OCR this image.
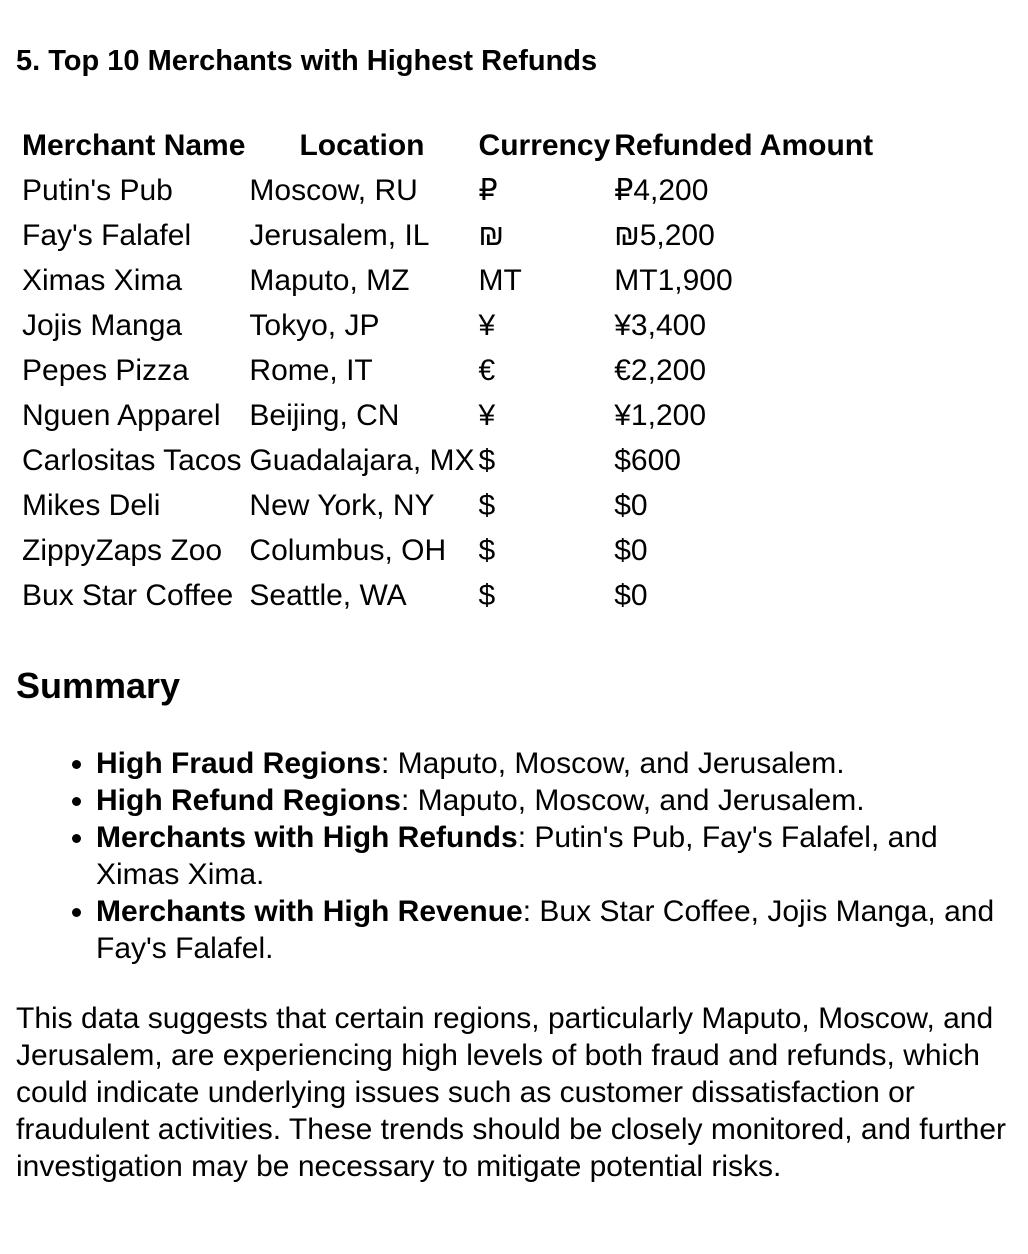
5. Top 10 Merchants with Highest Refunds
Merchant Name	Location	Currency	Refunded Amount
Putin's Pub	Moscow, RU	₽	₽4,200
Fay's Falafel	Jerusalem, IL	₪	₪5,200
Ximas Xima	Maputo, MZ	MT	MT1,900
Jojis Manga	Tokyo, JP	¥	¥3,400
Pepes Pizza	Rome, IT	€	€2,200
Nguen Apparel	Beijing, CN	¥	¥1,200
Carlositas Tacos	Guadalajara, MX	$	$600
Mikes Deli	New York, NY	$	$0
ZippyZaps Zoo	Columbus, OH	$	$0
Bux Star Coffee	Seattle, WA	$	$0
Summary
• High Fraud Regions: Maputo, Moscow, and Jerusalem.
• High Refund Regions: Maputo, Moscow, and Jerusalem.
• Merchants with High Refunds: Putin's Pub, Fay's Falafel, and Ximas Xima.
• Merchants with High Revenue: Bux Star Coffee, Jojis Manga, and Fay's Falafel.

This data suggests that certain regions, particularly Maputo, Moscow, and Jerusalem, are experiencing high levels of both fraud and refunds, which could indicate underlying issues such as customer dissatisfaction or fraudulent activities. These trends should be closely monitored, and further investigation may be necessary to mitigate potential risks.
